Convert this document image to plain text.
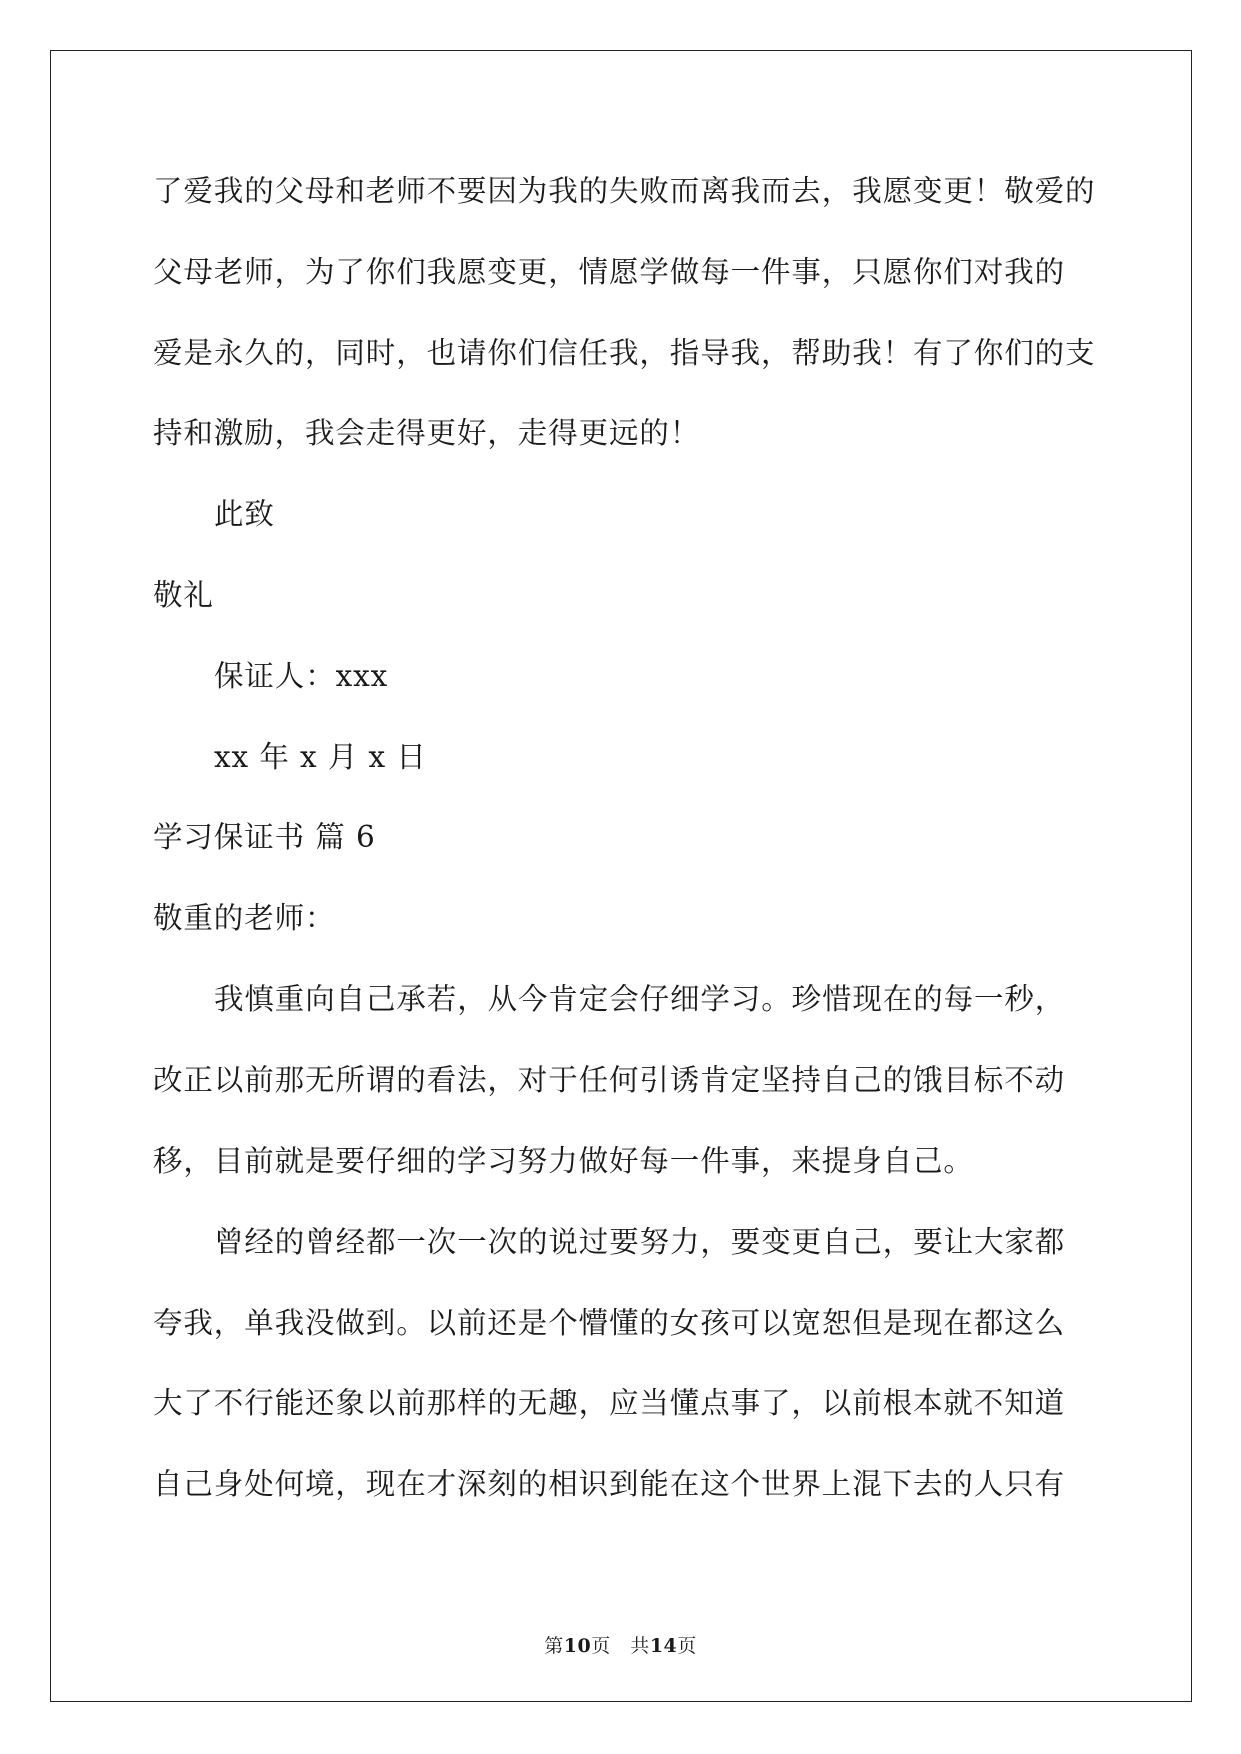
了爱我的父母和老师不要因为我的失败而离我而去，我愿变更！敬爱的
父母老师，为了你们我愿变更，情愿学做每一件事，只愿你们对我的
爱是永久的，同时，也请你们信任我，指导我，帮助我！有了你们的支
持和激励，我会走得更好，走得更远的！
此致
敬礼
保证人：xxx
xx 年 x 月 x 日
学习保证书 篇 6
敬重的老师：
我慎重向自己承若，从今肯定会仔细学习。珍惜现在的每一秒，
改正以前那无所谓的看法，对于任何引诱肯定坚持自己的饿目标不动
移，目前就是要仔细的学习努力做好每一件事，来提身自己。
曾经的曾经都一次一次的说过要努力，要变更自己，要让大家都
夸我，单我没做到。以前还是个懵懂的女孩可以宽恕但是现在都这么
大了不行能还象以前那样的无趣，应当懂点事了，以前根本就不知道
自己身处何境，现在才深刻的相识到能在这个世界上混下去的人只有
第10页   共14页
